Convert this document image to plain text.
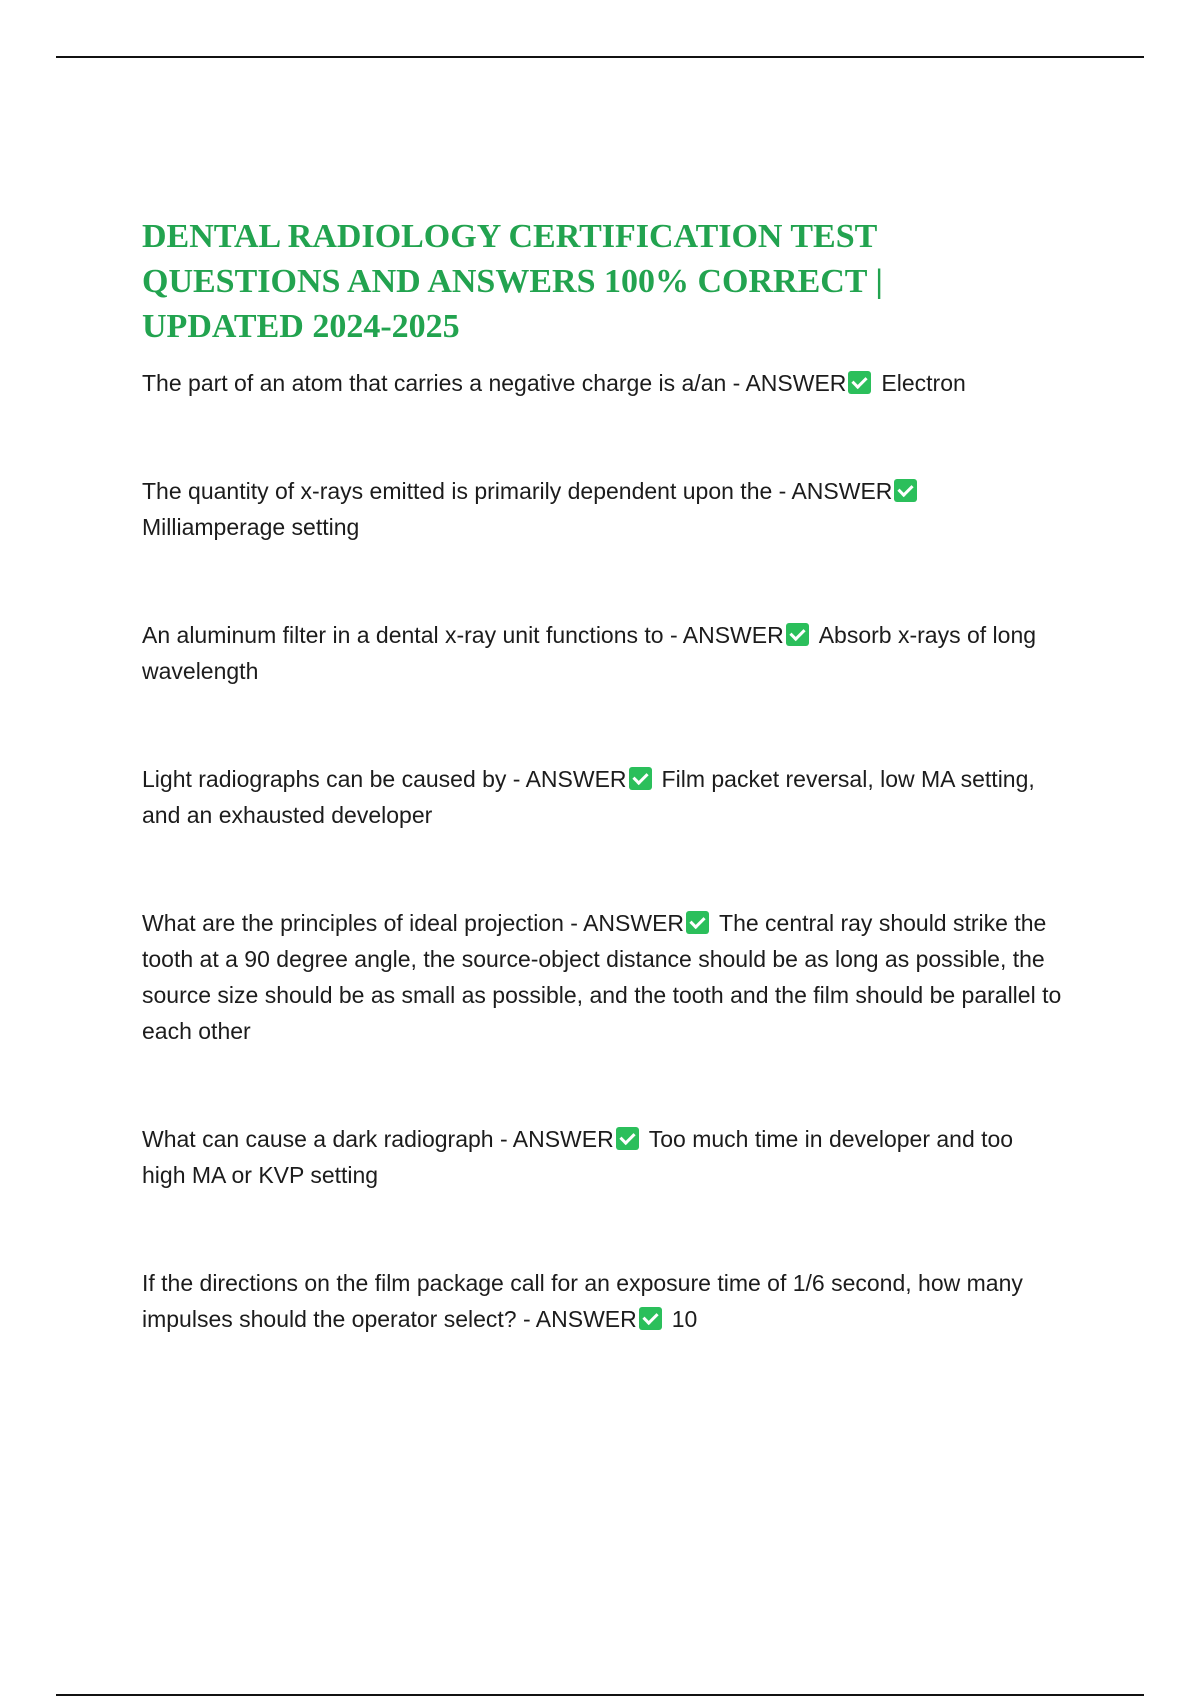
DENTAL RADIOLOGY CERTIFICATION TEST
QUESTIONS AND ANSWERS 100% CORRECT |
UPDATED 2024-2025
The part of an atom that carries a negative charge is a/an - ANSWER Electron
The quantity of x-rays emitted is primarily dependent upon the - ANSWERMilliamperage setting
An aluminum filter in a dental x-ray unit functions to - ANSWER Absorb x-rays of long wavelength
Light radiographs can be caused by - ANSWER Film packet reversal, low MA setting, and an exhausted developer
What are the principles of ideal projection - ANSWER The central ray should strike the tooth at a 90 degree angle, the source-object distance should be as long as possible, the source size should be as small as possible, and the tooth and the film should be parallel to each other
What can cause a dark radiograph - ANSWER Too much time in developer and too high MA or KVP setting
If the directions on the film package call for an exposure time of 1/6 second, how many impulses should the operator select? - ANSWER 10
